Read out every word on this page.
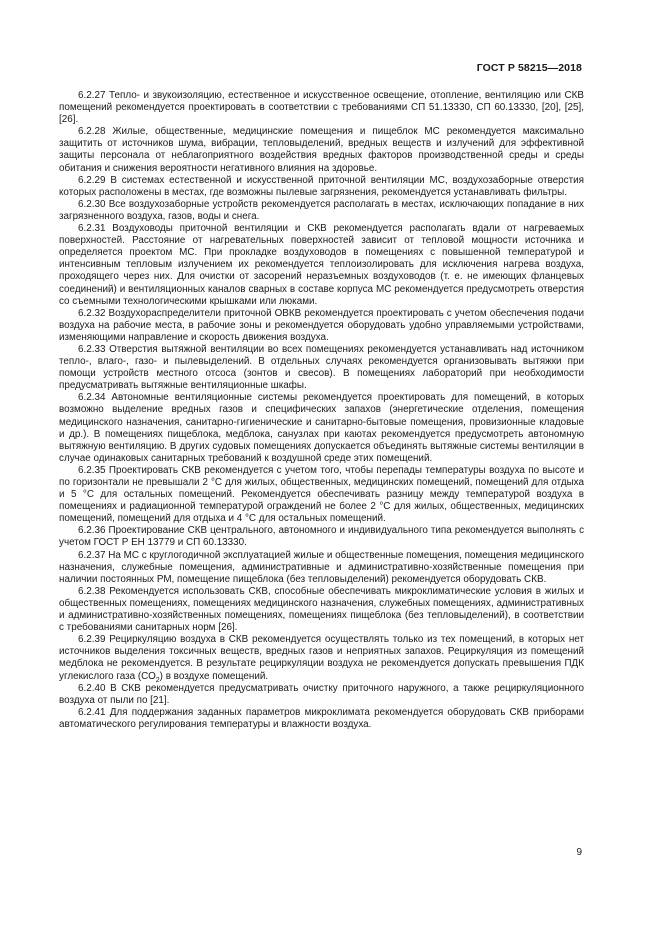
ГОСТ Р 58215—2018

6.2.27 Тепло- и звукоизоляцию, естественное и искусственное освещение, отопление, вентиляцию или СКВ помещений рекомендуется проектировать в соответствии с требованиями СП 51.13330, СП 60.13330, [20], [25], [26].

6.2.28 Жилые, общественные, медицинские помещения и пищеблок МС рекомендуется максимально защитить от источников шума, вибрации, тепловыделений, вредных веществ и излучений для эффективной защиты персонала от неблагоприятного воздействия вредных факторов производственной среды и среды обитания и снижения вероятности негативного влияния на здоровье.

6.2.29 В системах естественной и искусственной приточной вентиляции МС, воздухозаборные отверстия которых расположены в местах, где возможны пылевые загрязнения, рекомендуется устанавливать фильтры.

6.2.30 Все воздухозаборные устройств рекомендуется располагать в местах, исключающих попадание в них загрязненного воздуха, газов, воды и снега.

6.2.31 Воздуховоды приточной вентиляции и СКВ рекомендуется располагать вдали от нагреваемых поверхностей. Расстояние от нагревательных поверхностей зависит от тепловой мощности источника и определяется проектом МС. При прокладке воздуховодов в помещениях с повышенной температурой и интенсивным тепловым излучением их рекомендуется теплоизолировать для исключения нагрева воздуха, проходящего через них. Для очистки от засорений неразъемных воздуховодов (т. е. не имеющих фланцевых соединений) и вентиляционных каналов сварных в составе корпуса МС рекомендуется предусмотреть отверстия со съемными технологическими крышками или люками.

6.2.32 Воздухораспределители приточной ОВКВ рекомендуется проектировать с учетом обеспечения подачи воздуха на рабочие места, в рабочие зоны и рекомендуется оборудовать удобно управляемыми устройствами, изменяющими направление и скорость движения воздуха.

6.2.33 Отверстия вытяжной вентиляции во всех помещениях рекомендуется устанавливать над источником тепло-, влаго-, газо- и пылевыделений. В отдельных случаях рекомендуется организовывать вытяжки при помощи устройств местного отсоса (зонтов и свесов). В помещениях лабораторий при необходимости предусматривать вытяжные вентиляционные шкафы.

6.2.34 Автономные вентиляционные системы рекомендуется проектировать для помещений, в которых возможно выделение вредных газов и специфических запахов (энергетические отделения, помещения медицинского назначения, санитарно-гигиенические и санитарно-бытовые помещения, провизионные кладовые и др.). В помещениях пищеблока, медблока, санузлах при каютах рекомендуется предусмотреть автономную вытяжную вентиляцию. В других судовых помещениях допускается объединять вытяжные системы вентиляции в случае одинаковых санитарных требований к воздушной среде этих помещений.

6.2.35 Проектировать СКВ рекомендуется с учетом того, чтобы перепады температуры воздуха по высоте и по горизонтали не превышали 2 °С для жилых, общественных, медицинских помещений, помещений для отдыха и 5 °С для остальных помещений. Рекомендуется обеспечивать разницу между температурой воздуха в помещениях и радиационной температурой ограждений не более 2 °С для жилых, общественных, медицинских помещений, помещений для отдыха и 4 °С для остальных помещений.

6.2.36 Проектирование СКВ центрального, автономного и индивидуального типа рекомендуется выполнять с учетом ГОСТ Р ЕН 13779 и СП 60.13330.

6.2.37 На МС с круглогодичной эксплуатацией жилые и общественные помещения, помещения медицинского назначения, служебные помещения, административные и административно-хозяйственные помещения при наличии постоянных РМ, помещение пищеблока (без тепловыделений) рекомендуется оборудовать СКВ.

6.2.38 Рекомендуется использовать СКВ, способные обеспечивать микроклиматические условия в жилых и общественных помещениях, помещениях медицинского назначения, служебных помещениях, административных и административно-хозяйственных помещениях, помещениях пищеблока (без тепловыделений), в соответствии с требованиями санитарных норм [26].

6.2.39 Рециркуляцию воздуха в СКВ рекомендуется осуществлять только из тех помещений, в которых нет источников выделения токсичных веществ, вредных газов и неприятных запахов. Рециркуляция из помещений медблока не рекомендуется. В результате рециркуляции воздуха не рекомендуется допускать превышения ПДК углекислого газа $(СО_2)$ в воздухе помещений.

6.2.40 В СКВ рекомендуется предусматривать очистку приточного наружного, а также рециркуляционного воздуха от пыли по [21].

6.2.41 Для поддержания заданных параметров микроклимата рекомендуется оборудовать СКВ приборами автоматического регулирования температуры и влажности воздуха.

9
